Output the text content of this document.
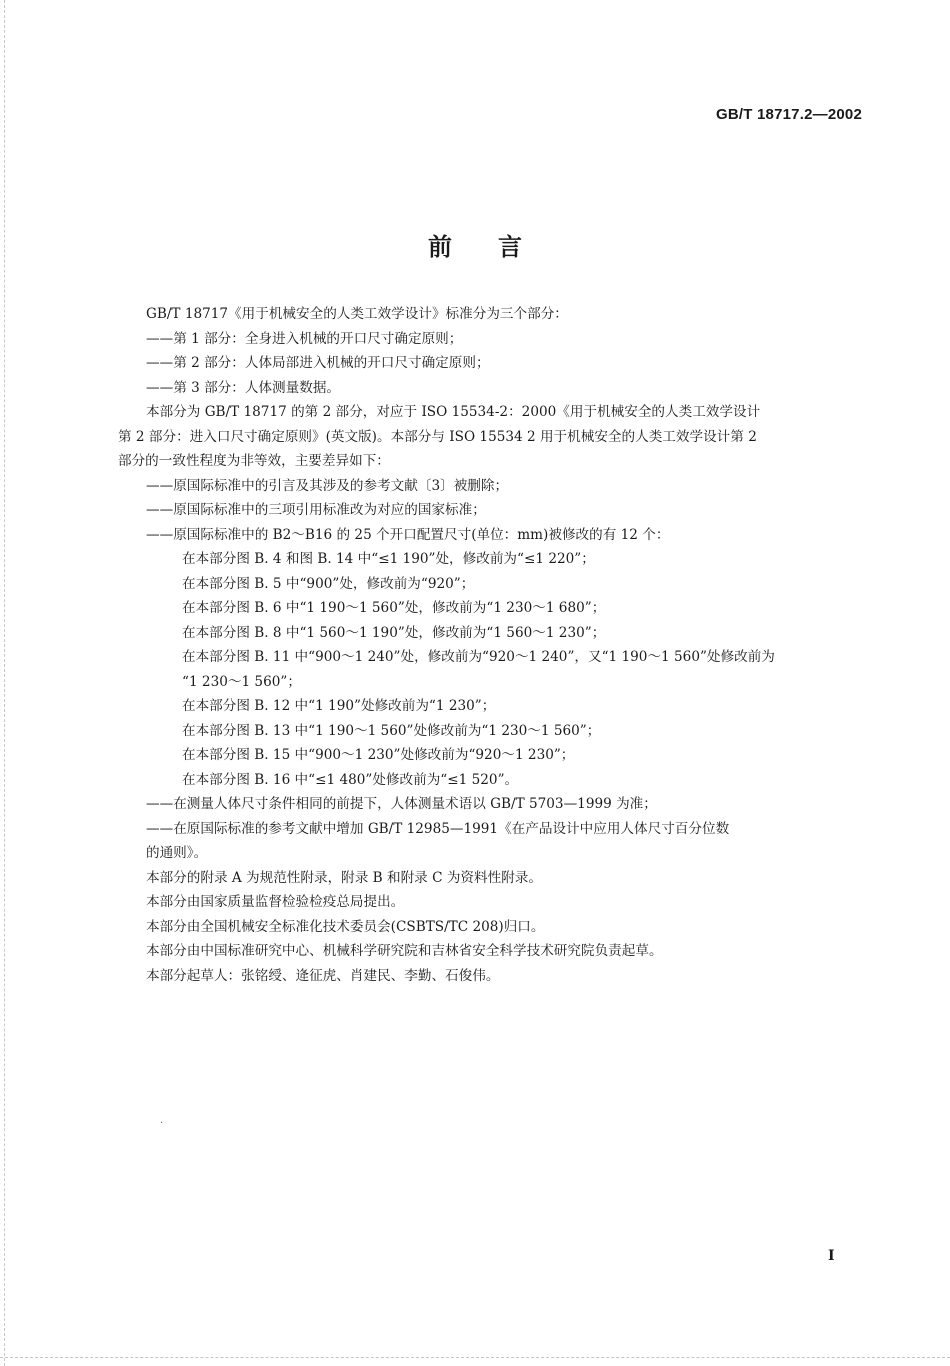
GB/T 18717.2—2002
前言

GB/T 18717《用于机械安全的人类工效学设计》标准分为三个部分：

——第 1 部分：全身进入机械的开口尺寸确定原则；

——第 2 部分：人体局部进入机械的开口尺寸确定原则；

——第 3 部分：人体测量数据。

本部分为 GB/T 18717 的第 2 部分，对应于 ISO 15534-2：2000《用于机械安全的人类工效学设计

第 2 部分：进入口尺寸确定原则》(英文版)。本部分与 ISO 15534 2 用于机械安全的人类工效学设计第 2

部分的一致性程度为非等效，主要差异如下：

——原国际标准中的引言及其涉及的参考文献〔3〕被删除；

——原国际标准中的三项引用标准改为对应的国家标准；

——原国际标准中的 B2～B16 的 25 个开口配置尺寸(单位：mm)被修改的有 12 个：

在本部分图 B. 4 和图 B. 14 中“≤1 190”处，修改前为“≤1 220”；

在本部分图 B. 5 中“900”处，修改前为“920”；

在本部分图 B. 6 中“1 190～1 560”处，修改前为“1 230～1 680”；

在本部分图 B. 8 中“1 560～1 190”处，修改前为“1 560～1 230”；

在本部分图 B. 11 中“900～1 240”处，修改前为“920～1 240”，又“1 190～1 560”处修改前为

“1 230～1 560”；

在本部分图 B. 12 中“1 190”处修改前为“1 230”；

在本部分图 B. 13 中“1 190～1 560”处修改前为“1 230～1 560”；

在本部分图 B. 15 中“900～1 230”处修改前为“920～1 230”；

在本部分图 B. 16 中“≤1 480”处修改前为“≤1 520”。

——在测量人体尺寸条件相同的前提下，人体测量术语以 GB/T 5703—1999 为准；

——在原国际标准的参考文献中增加 GB/T 12985—1991《在产品设计中应用人体尺寸百分位数

的通则》。

本部分的附录 A 为规范性附录，附录 B 和附录 C 为资料性附录。

本部分由国家质量监督检验检疫总局提出。

本部分由全国机械安全标准化技术委员会(CSBTS/TC 208)归口。

本部分由中国标准研究中心、机械科学研究院和吉林省安全科学技术研究院负责起草。

本部分起草人：张铭绶、逄征虎、肖建民、李勤、石俊伟。

·
I
